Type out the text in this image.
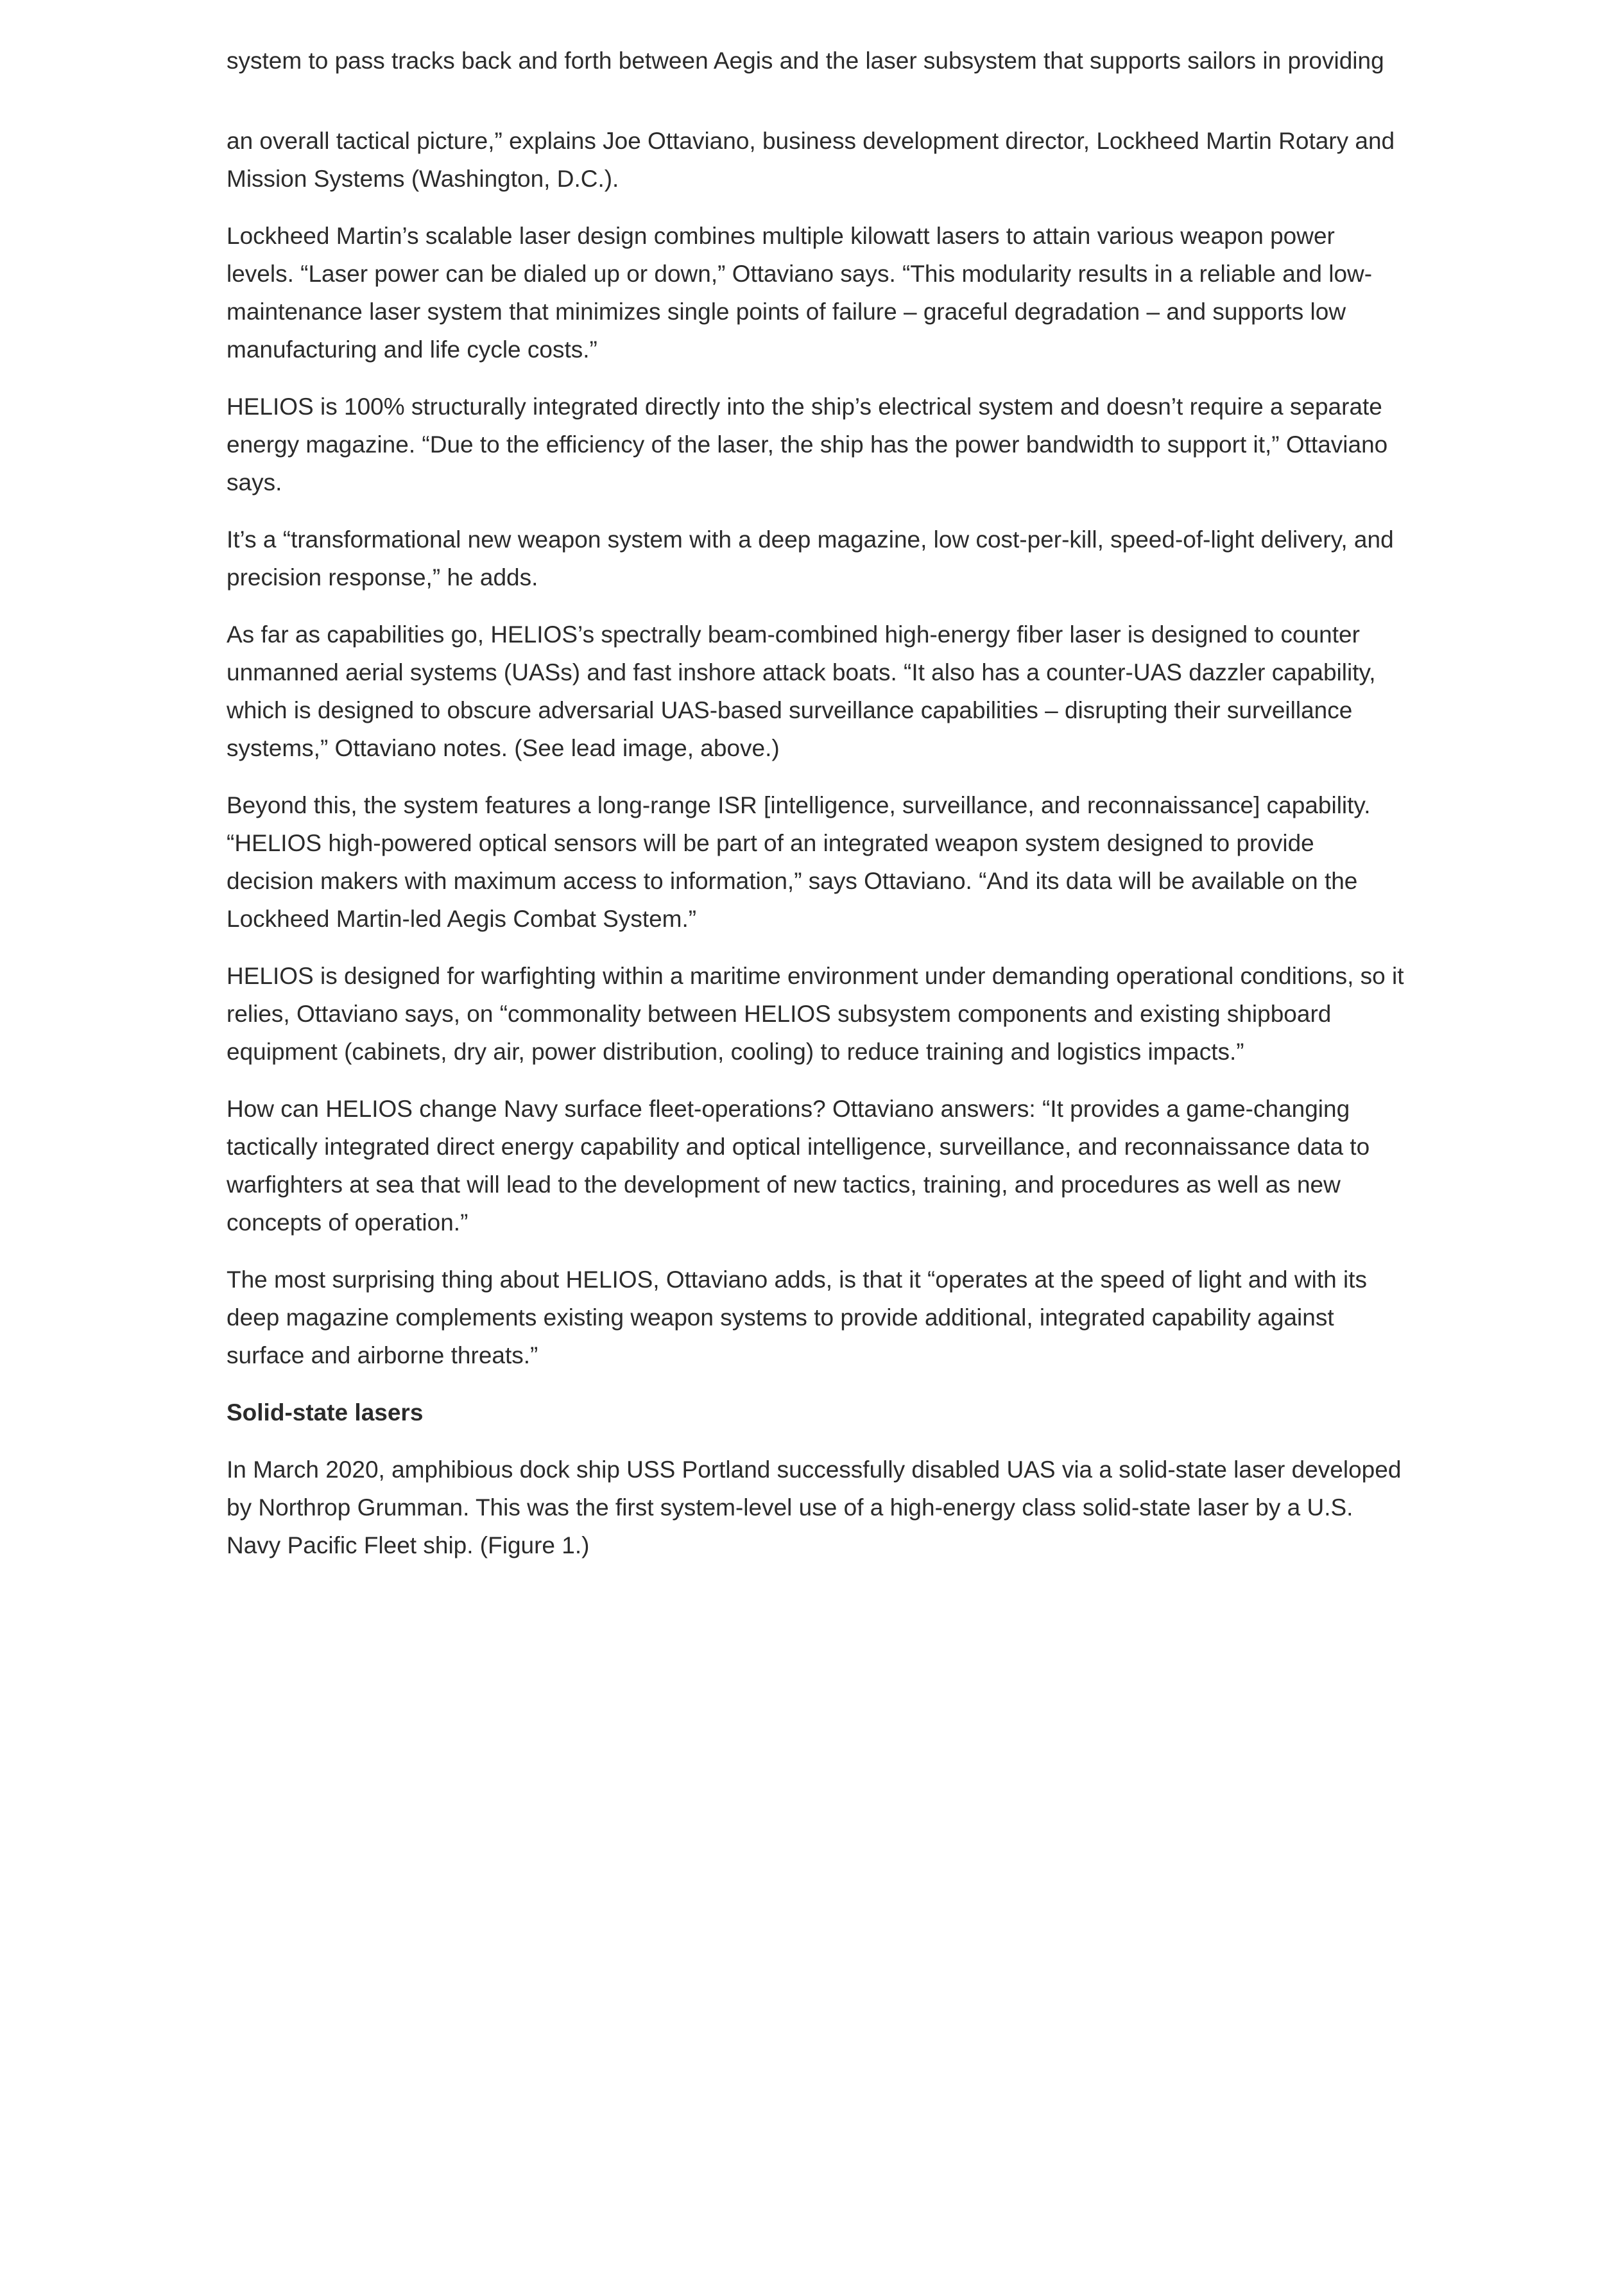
system to pass tracks back and forth between Aegis and the laser subsystem that supports sailors in providing

an overall tactical picture,” explains Joe Ottaviano, business development director, Lockheed Martin Rotary and Mission Systems (Washington, D.C.).

Lockheed Martin’s scalable laser design combines multiple kilowatt lasers to attain various weapon power levels. “Laser power can be dialed up or down,” Ottaviano says. “This modularity results in a reliable and low-maintenance laser system that minimizes single points of failure – graceful degradation – and supports low manufacturing and life cycle costs.”

HELIOS is 100% structurally integrated directly into the ship’s electrical system and doesn’t require a separate energy magazine. “Due to the efficiency of the laser, the ship has the power bandwidth to support it,” Ottaviano says.

It’s a “transformational new weapon system with a deep magazine, low cost-per-kill, speed-of-light delivery, and precision response,” he adds.

As far as capabilities go, HELIOS’s spectrally beam-combined high-energy fiber laser is designed to counter unmanned aerial systems (UASs) and fast inshore attack boats. “It also has a counter-UAS dazzler capability, which is designed to obscure adversarial UAS-based surveillance capabilities – disrupting their surveillance systems,” Ottaviano notes. (See lead image, above.)

Beyond this, the system features a long-range ISR [intelligence, surveillance, and reconnaissance] capability. “HELIOS high-powered optical sensors will be part of an integrated weapon system designed to provide decision makers with maximum access to information,” says Ottaviano. “And its data will be available on the Lockheed Martin-led Aegis Combat System.”

HELIOS is designed for warfighting within a maritime environment under demanding operational conditions, so it relies, Ottaviano says, on “commonality between HELIOS subsystem components and existing shipboard equipment (cabinets, dry air, power distribution, cooling) to reduce training and logistics impacts.”

How can HELIOS change Navy surface fleet-operations? Ottaviano answers: “It provides a game-changing tactically integrated direct energy capability and optical intelligence, surveillance, and reconnaissance data to warfighters at sea that will lead to the development of new tactics, training, and procedures as well as new concepts of operation.”

The most surprising thing about HELIOS, Ottaviano adds, is that it “operates at the speed of light and with its deep magazine complements existing weapon systems to provide additional, integrated capability against surface and airborne threats.”

Solid-state lasers

In March 2020, amphibious dock ship USS Portland successfully disabled UAS via a solid-state laser developed by Northrop Grumman. This was the first system-level use of a high-energy class solid-state laser by a U.S. Navy Pacific Fleet ship. (Figure 1.)
